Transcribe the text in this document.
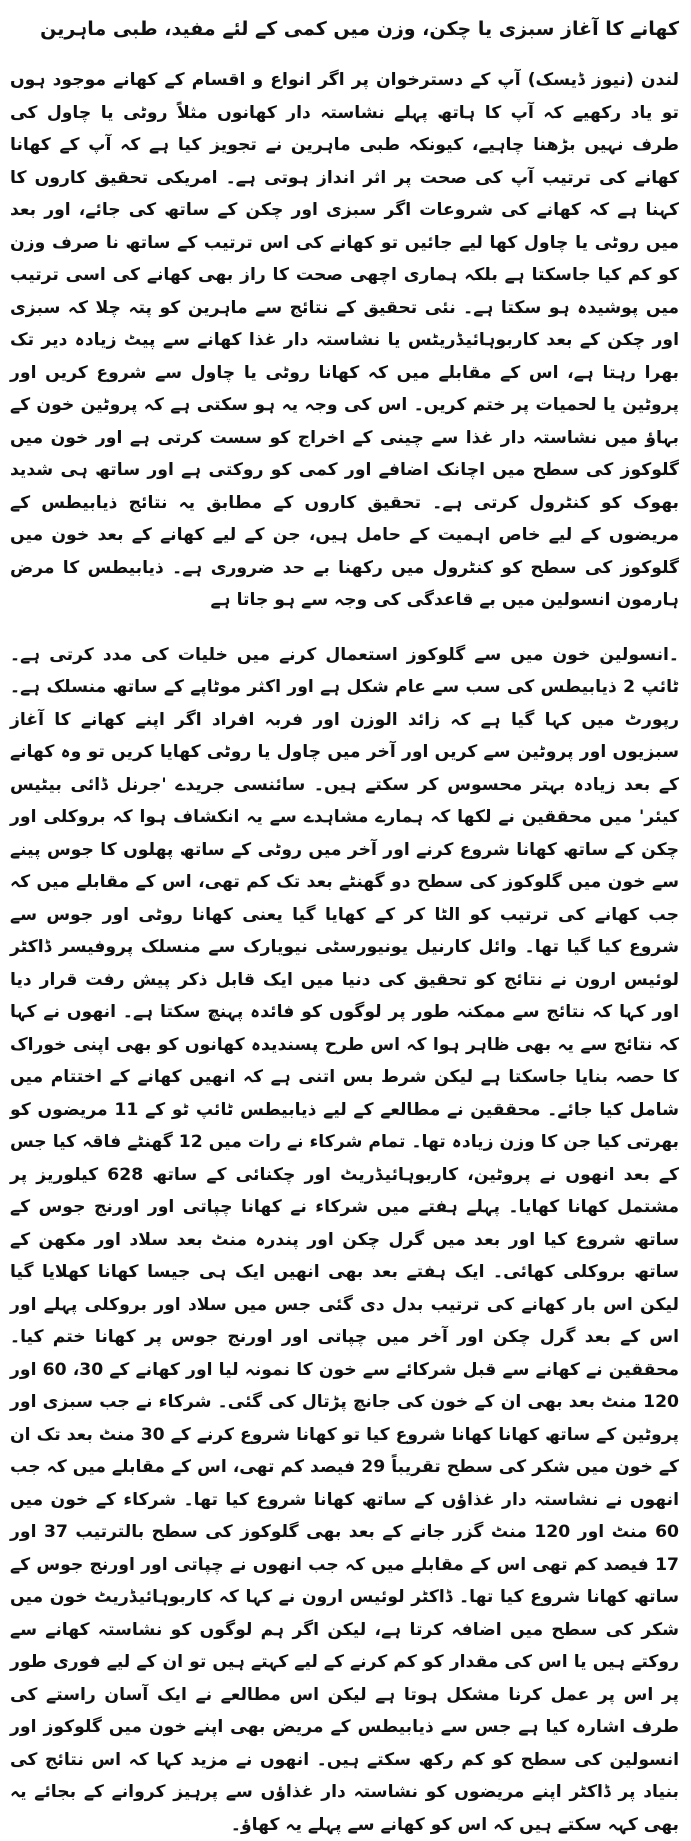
کھانے کا آغاز سبزی یا چکن، وزن میں کمی کے لئے مفید، طبی ماہرین

لندن (نیوز ڈیسک) آپ کے دسترخوان پر اگر انواع و اقسام کے کھانے موجود ہوں تو یاد رکھیے کہ آپ کا ہاتھ پہلے نشاستہ دار کھانوں مثلاً روٹی یا چاول کی طرف نہیں بڑھنا چاہیے، کیونکہ طبی ماہرین نے تجویز کیا ہے کہ آپ کے کھانا کھانے کی ترتیب آپ کی صحت پر اثر انداز ہوتی ہے۔ امریکی تحقیق کاروں کا کہنا ہے کہ کھانے کی شروعات اگر سبزی اور چکن کے ساتھ کی جائے، اور بعد میں روٹی یا چاول کھا لیے جائیں تو کھانے کی اس ترتیب کے ساتھ نا صرف وزن کو کم کیا جاسکتا ہے بلکہ ہماری اچھی صحت کا راز بھی کھانے کی اسی ترتیب میں پوشیدہ ہو سکتا ہے۔ نئی تحقیق کے نتائج سے ماہرین کو پتہ چلا کہ سبزی اور چکن کے بعد کاربوہائیڈریٹس یا نشاستہ دار غذا کھانے سے پیٹ زیادہ دیر تک بھرا رہتا ہے، اس کے مقابلے میں کہ کھانا روٹی یا چاول سے شروع کریں اور پروٹین یا لحمیات پر ختم کریں۔ اس کی وجہ یہ ہو سکتی ہے کہ پروٹین خون کے بہاؤ میں نشاستہ دار غذا سے چینی کے اخراج کو سست کرتی ہے اور خون میں گلوکوز کی سطح میں اچانک اضافے اور کمی کو روکتی ہے اور ساتھ ہی شدید بھوک کو کنٹرول کرتی ہے۔ تحقیق کاروں کے مطابق یہ نتائج ذیابیطس کے مریضوں کے لیے خاص اہمیت کے حامل ہیں، جن کے لیے کھانے کے بعد خون میں گلوکوز کی سطح کو کنٹرول میں رکھنا بے حد ضروری ہے۔ ذیابیطس کا مرض ہارمون انسولین میں بے قاعدگی کی وجہ سے ہو جاتا ہے

۔انسولین خون میں سے گلوکوز استعمال کرنے میں خلیات کی مدد کرتی ہے۔ ٹائپ 2 ذیابیطس کی سب سے عام شکل ہے اور اکثر موٹاپے کے ساتھ منسلک ہے۔ رپورٹ میں کہا گیا ہے کہ زائد الوزن اور فربہ افراد اگر اپنے کھانے کا آغاز سبزیوں اور پروٹین سے کریں اور آخر میں چاول یا روٹی کھایا کریں تو وہ کھانے کے بعد زیادہ بہتر محسوس کر سکتے ہیں۔ سائنسی جریدے 'جرنل ڈائی بیٹیس کیئر' میں محققین نے لکھا کہ ہمارے مشاہدے سے یہ انکشاف ہوا کہ بروکلی اور چکن کے ساتھ کھانا شروع کرنے اور آخر میں روٹی کے ساتھ پھلوں کا جوس پینے سے خون میں گلوکوز کی سطح دو گھنٹے بعد تک کم تھی، اس کے مقابلے میں کہ جب کھانے کی ترتیب کو الٹا کر کے کھایا گیا یعنی کھانا روٹی اور جوس سے شروع کیا گیا تھا۔ وائل کارنیل یونیورسٹی نیویارک سے منسلک پروفیسر ڈاکٹر لوئیس ارون نے نتائج کو تحقیق کی دنیا میں ایک قابل ذکر پیش رفت قرار دیا اور کہا کہ نتائج سے ممکنہ طور پر لوگوں کو فائدہ پہنچ سکتا ہے۔ انھوں نے کہا کہ نتائج سے یہ بھی ظاہر ہوا کہ اس طرح پسندیدہ کھانوں کو بھی اپنی خوراک کا حصہ بنایا جاسکتا ہے لیکن شرط بس اتنی ہے کہ انھیں کھانے کے اختتام میں شامل کیا جائے۔ محققین نے مطالعے کے لیے ذیابیطس ٹائپ ٹو کے 11 مریضوں کو بھرتی کیا جن کا وزن زیادہ تھا۔ تمام شرکاء نے رات میں 12 گھنٹے فاقہ کیا جس کے بعد انھوں نے پروٹین، کاربوہائیڈریٹ اور چکنائی کے ساتھ 628 کیلوریز پر مشتمل کھانا کھایا۔ پہلے ہفتے میں شرکاء نے کھانا چپاتی اور اورنج جوس کے ساتھ شروع کیا اور بعد میں گرل چکن اور پندرہ منٹ بعد سلاد اور مکھن کے ساتھ بروکلی کھائی۔ ایک ہفتے بعد بھی انھیں ایک ہی جیسا کھانا کھلایا گیا لیکن اس بار کھانے کی ترتیب بدل دی گئی جس میں سلاد اور بروکلی پہلے اور اس کے بعد گرل چکن اور آخر میں چپاتی اور اورنج جوس پر کھانا ختم کیا۔ محققین نے کھانے سے قبل شرکائے سے خون کا نمونہ لیا اور کھانے کے 30، 60 اور 120 منٹ بعد بھی ان کے خون کی جانچ پڑتال کی گئی۔ شرکاء نے جب سبزی اور پروٹین کے ساتھ کھانا کھانا شروع کیا تو کھانا شروع کرنے کے 30 منٹ بعد تک ان کے خون میں شکر کی سطح تقریباً 29 فیصد کم تھی، اس کے مقابلے میں کہ جب انھوں نے نشاستہ دار غذاؤں کے ساتھ کھانا شروع کیا تھا۔ شرکاء کے خون میں 60 منٹ اور 120 منٹ گزر جانے کے بعد بھی گلوکوز کی سطح بالترتیب 37 اور 17 فیصد کم تھی اس کے مقابلے میں کہ جب انھوں نے چپاتی اور اورنج جوس کے ساتھ کھانا شروع کیا تھا۔ ڈاکٹر لوئیس ارون نے کہا کہ کاربوہائیڈریٹ خون میں شکر کی سطح میں اضافہ کرتا ہے، لیکن اگر ہم لوگوں کو نشاستہ کھانے سے روکتے ہیں یا اس کی مقدار کو کم کرنے کے لیے کہتے ہیں تو ان کے لیے فوری طور پر اس پر عمل کرنا مشکل ہوتا ہے لیکن اس مطالعے نے ایک آسان راستے کی طرف اشارہ کیا ہے جس سے ذیابیطس کے مریض بھی اپنے خون میں گلوکوز اور انسولین کی سطح کو کم رکھ سکتے ہیں۔ انھوں نے مزید کہا کہ اس نتائج کی بنیاد پر ڈاکٹر اپنے مریضوں کو نشاستہ دار غذاؤں سے پرہیز کروانے کے بجائے یہ بھی کہہ سکتے ہیں کہ اس کو کھانے سے پہلے یہ کھاؤ۔
